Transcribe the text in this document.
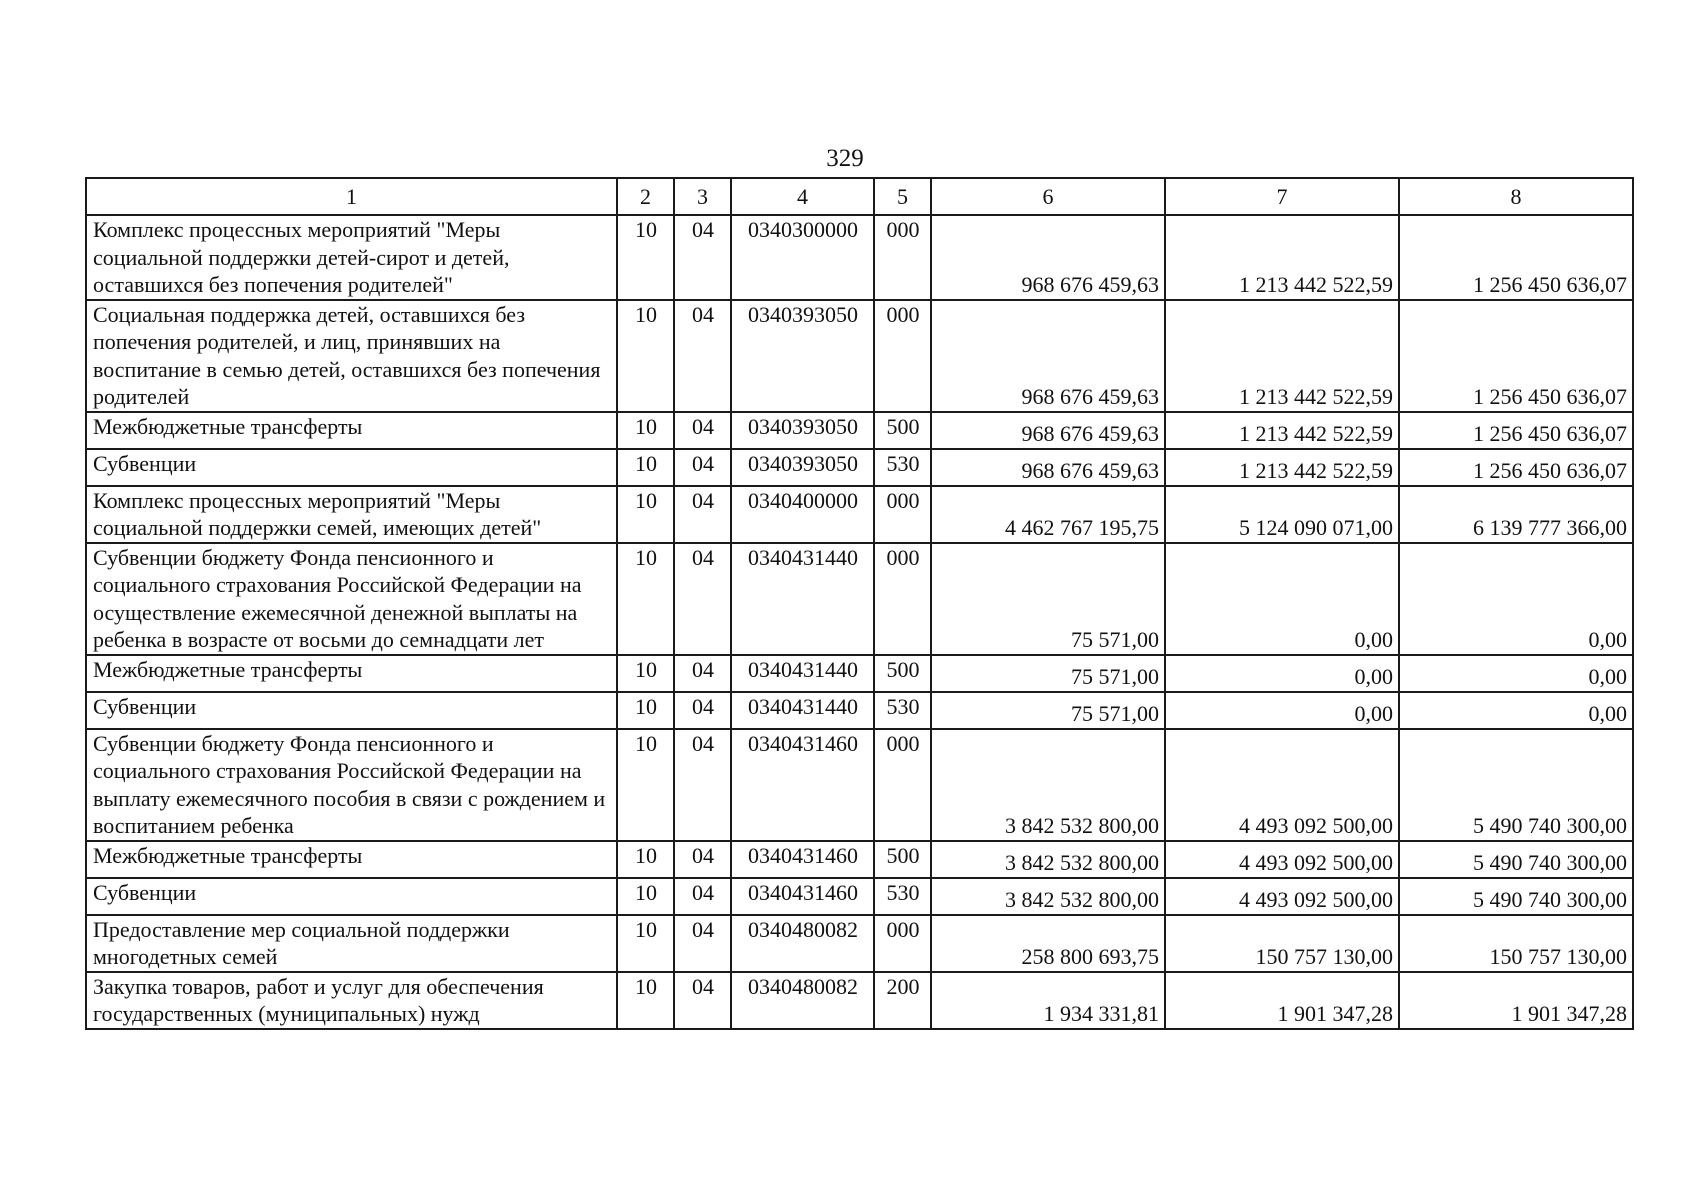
329
1	2	3	4	5	6	7	8
Комплекс процессных мероприятий "Меры социальной поддержки детей-сирот и детей, оставшихся без попечения родителей"	10	04	0340300000	000	968 676 459,63	1 213 442 522,59	1 256 450 636,07
Социальная поддержка детей, оставшихся без попечения родителей, и лиц, принявших на воспитание в семью детей, оставшихся без попечения родителей	10	04	0340393050	000	968 676 459,63	1 213 442 522,59	1 256 450 636,07
Межбюджетные трансферты	10	04	0340393050	500	968 676 459,63	1 213 442 522,59	1 256 450 636,07
Субвенции	10	04	0340393050	530	968 676 459,63	1 213 442 522,59	1 256 450 636,07
Комплекс процессных мероприятий "Меры социальной поддержки семей, имеющих детей"	10	04	0340400000	000	4 462 767 195,75	5 124 090 071,00	6 139 777 366,00
Субвенции бюджету Фонда пенсионного и социального страхования Российской Федерации на осуществление ежемесячной денежной выплаты на ребенка в возрасте от восьми до семнадцати лет	10	04	0340431440	000	75 571,00	0,00	0,00
Межбюджетные трансферты	10	04	0340431440	500	75 571,00	0,00	0,00
Субвенции	10	04	0340431440	530	75 571,00	0,00	0,00
Субвенции бюджету Фонда пенсионного и социального страхования Российской Федерации на выплату ежемесячного пособия в связи с рождением и воспитанием ребенка	10	04	0340431460	000	3 842 532 800,00	4 493 092 500,00	5 490 740 300,00
Межбюджетные трансферты	10	04	0340431460	500	3 842 532 800,00	4 493 092 500,00	5 490 740 300,00
Субвенции	10	04	0340431460	530	3 842 532 800,00	4 493 092 500,00	5 490 740 300,00
Предоставление мер социальной поддержки многодетных семей	10	04	0340480082	000	258 800 693,75	150 757 130,00	150 757 130,00
Закупка товаров, работ и услуг для обеспечения государственных (муниципальных) нужд	10	04	0340480082	200	1 934 331,81	1 901 347,28	1 901 347,28
